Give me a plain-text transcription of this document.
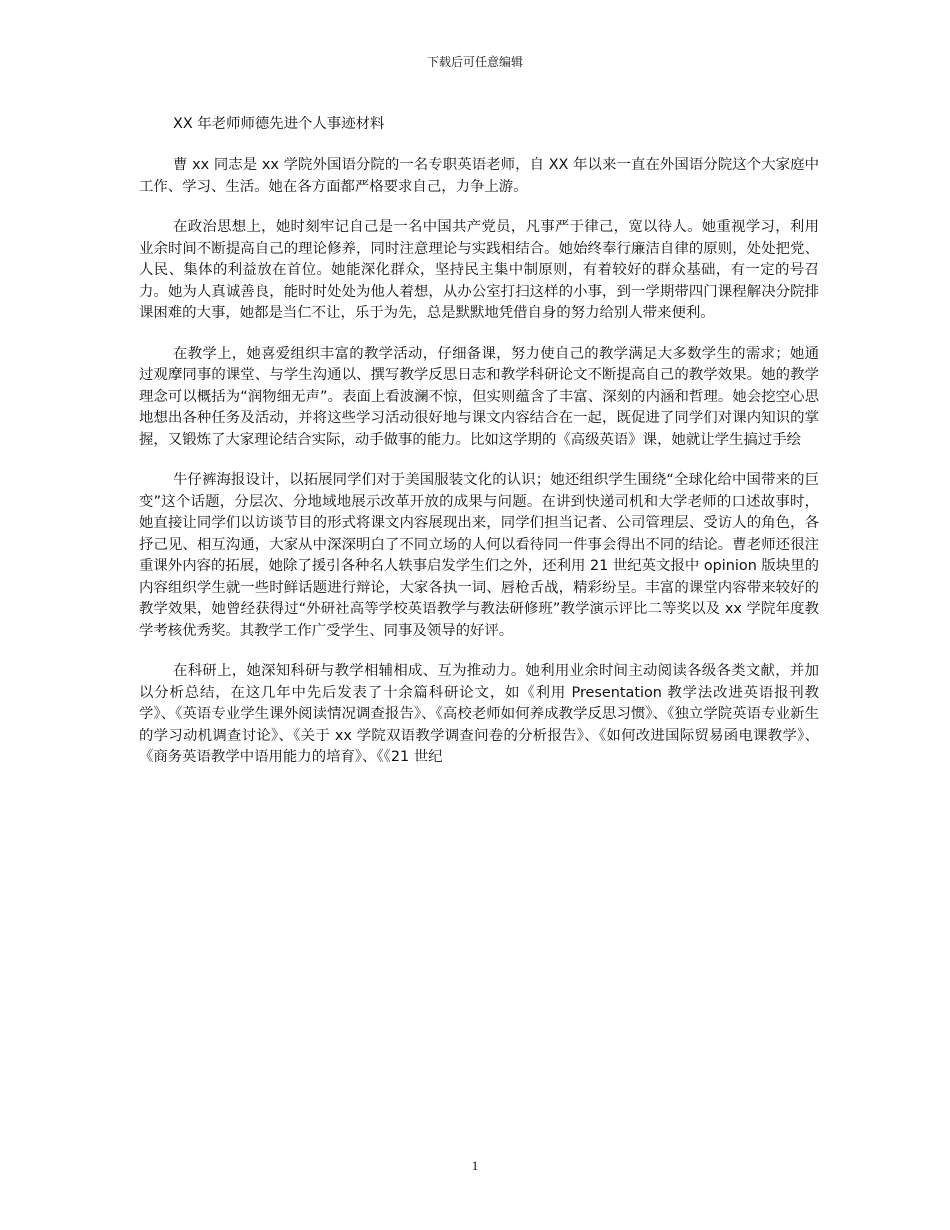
下载后可任意编辑

XX 年老师师德先进个人事迹材料

曹 xx 同志是 xx 学院外国语分院的一名专职英语老师，自 XX 年以来一直在外国语分院这个大家庭中工作、学习、生活。她在各方面都严格要求自己，力争上游。

在政治思想上，她时刻牢记自己是一名中国共产党员，凡事严于律己，宽以待人。她重视学习，利用业余时间不断提高自己的理论修养，同时注意理论与实践相结合。她始终奉行廉洁自律的原则，处处把党、人民、集体的利益放在首位。她能深化群众，坚持民主集中制原则，有着较好的群众基础，有一定的号召力。她为人真诚善良，能时时处处为他人着想，从办公室打扫这样的小事，到一学期带四门课程解决分院排课困难的大事，她都是当仁不让，乐于为先，总是默默地凭借自身的努力给别人带来便利。

在教学上，她喜爱组织丰富的教学活动，仔细备课，努力使自己的教学满足大多数学生的需求；她通过观摩同事的课堂、与学生沟通以、撰写教学反思日志和教学科研论文不断提高自己的教学效果。她的教学理念可以概括为“润物细无声”。表面上看波澜不惊，但实则蕴含了丰富、深刻的内涵和哲理。她会挖空心思地想出各种任务及活动，并将这些学习活动很好地与课文内容结合在一起，既促进了同学们对课内知识的掌握，又锻炼了大家理论结合实际，动手做事的能力。比如这学期的《高级英语》课，她就让学生搞过手绘

牛仔裤海报设计，以拓展同学们对于美国服装文化的认识；她还组织学生围绕“全球化给中国带来的巨变”这个话题，分层次、分地域地展示改革开放的成果与问题。在讲到快递司机和大学老师的口述故事时，她直接让同学们以访谈节目的形式将课文内容展现出来，同学们担当记者、公司管理层、受访人的角色，各抒己见、相互沟通，大家从中深深明白了不同立场的人何以看待同一件事会得出不同的结论。曹老师还很注重课外内容的拓展，她除了援引各种名人轶事启发学生们之外，还利用 21 世纪英文报中 opinion 版块里的内容组织学生就一些时鲜话题进行辩论，大家各执一词、唇枪舌战，精彩纷呈。丰富的课堂内容带来较好的教学效果，她曾经获得过“外研社高等学校英语教学与教法研修班”教学演示评比二等奖以及 xx 学院年度教学考核优秀奖。其教学工作广受学生、同事及领导的好评。

在科研上，她深知科研与教学相辅相成、互为推动力。她利用业余时间主动阅读各级各类文献，并加以分析总结，在这几年中先后发表了十余篇科研论文，如《利用 Presentation 教学法改进英语报刊教学》、《英语专业学生课外阅读情况调查报告》、《高校老师如何养成教学反思习惯》、《独立学院英语专业新生的学习动机调查讨论》、《关于 xx 学院双语教学调查问卷的分析报告》、《如何改进国际贸易函电课教学》、《商务英语教学中语用能力的培育》、《《21 世纪

1
